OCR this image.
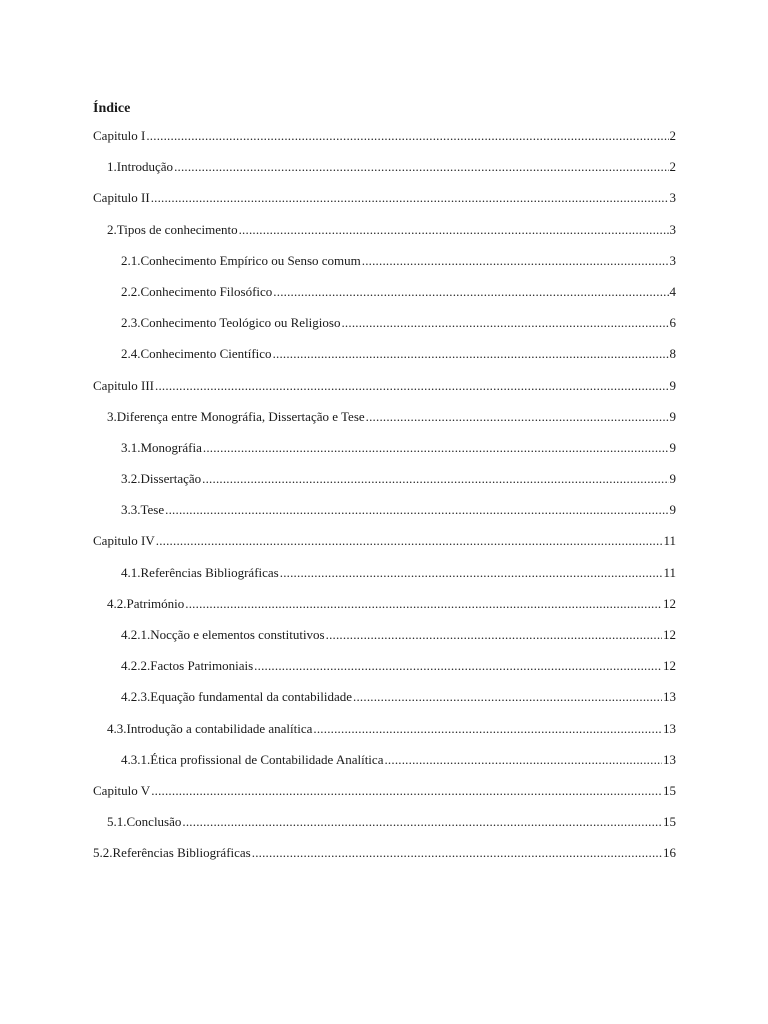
Índice
Capitulo I .....	2
1.Introdução .....	2
Capitulo II .....	3
2.Tipos de conhecimento .....	3
2.1.Conhecimento Empírico ou Senso comum .....	3
2.2.Conhecimento Filosófico .....	4
2.3.Conhecimento Teológico ou Religioso .....	6
2.4.Conhecimento Científico .....	8
Capitulo III .....	9
3.Diferença entre Monográfia, Dissertação e Tese .....	9
3.1.Monográfia .....	9
3.2.Dissertação .....	9
3.3.Tese .....	9
Capitulo IV .....	11
4.1.Referências Bibliográficas .....	11
4.2.Património .....	12
4.2.1.Nocção e elementos constitutivos .....	12
4.2.2.Factos Patrimoniais .....	12
4.2.3.Equação fundamental da contabilidade .....	13
4.3.Introdução a contabilidade analítica .....	13
4.3.1.Ética profissional de Contabilidade Analítica .....	13
Capitulo V .....	15
5.1.Conclusão .....	15
5.2.Referências Bibliográficas .....	16
